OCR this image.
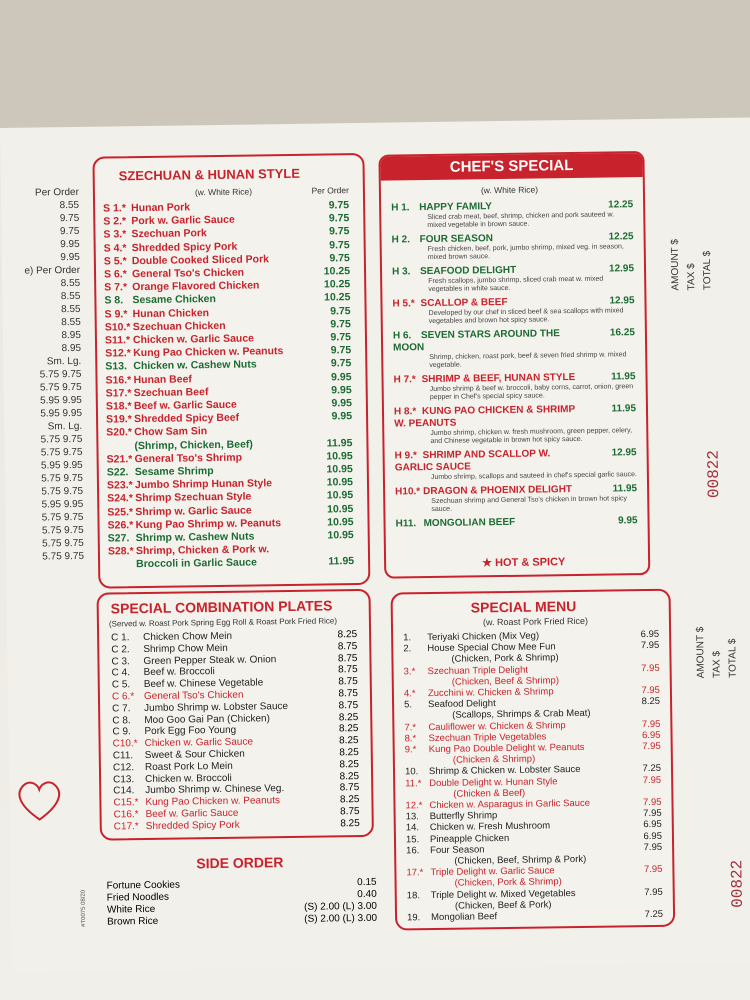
Per Order
8.55
9.75
9.75
9.95
9.95
e) Per Order
8.55
8.55
8.55
8.55
8.95
8.95
Sm. Lg.
5.75 9.75
5.75 9.75
5.95 9.95
5.95 9.95
Sm. Lg.
5.75 9.75
5.75 9.75
5.95 9.95
5.75 9.75
5.75 9.75
5.95 9.95
5.75 9.75
5.75 9.75
5.75 9.75
5.75 9.75
SZECHUAN & HUNAN STYLE
(w. White Rice)	Per Order
S 1.* Hunan Pork	9.75
S 2.* Pork w. Garlic Sauce	9.75
S 3.* Szechuan Pork	9.75
S 4.* Shredded Spicy Pork	9.75
S 5.* Double Cooked Sliced Pork	9.75
S 6.* General Tso's Chicken	10.25
S 7.* Orange Flavored Chicken	10.25
S 8. Sesame Chicken	10.25
S 9.* Hunan Chicken	9.75
S10.* Szechuan Chicken	9.75
S11.* Chicken w. Garlic Sauce	9.75
S12.* Kung Pao Chicken w. Peanuts	9.75
S13. Chicken w. Cashew Nuts	9.75
S16.* Hunan Beef	9.95
S17.* Szechuan Beef	9.95
S18.* Beef w. Garlic Sauce	9.95
S19.* Shredded Spicy Beef	9.95
S20.* Chow Sam Sin
(Shrimp, Chicken, Beef)	11.95
S21.* General Tso's Shrimp	10.95
S22. Sesame Shrimp	10.95
S23.* Jumbo Shrimp Hunan Style	10.95
S24.* Shrimp Szechuan Style	10.95
S25.* Shrimp w. Garlic Sauce	10.95
S26.* Kung Pao Shrimp w. Peanuts	10.95
S27. Shrimp w. Cashew Nuts	10.95
S28.* Shrimp, Chicken & Pork w.
Broccoli in Garlic Sauce	11.95
SPECIAL COMBINATION PLATES
(Served w. Roast Pork Spring Egg Roll & Roast Pork Fried Rice)
C 1. Chicken Chow Mein	8.25
C 2. Shrimp Chow Mein	8.75
C 3. Green Pepper Steak w. Onion	8.75
C 4. Beef w. Broccoli	8.75
C 5. Beef w. Chinese Vegetable	8.75
C 6.* General Tso's Chicken	8.75
C 7. Jumbo Shrimp w. Lobster Sauce	8.75
C 8. Moo Goo Gai Pan (Chicken)	8.25
C 9. Pork Egg Foo Young	8.25
C10.* Chicken w. Garlic Sauce	8.25
C11. Sweet & Sour Chicken	8.25
C12. Roast Pork Lo Mein	8.25
C13. Chicken w. Broccoli	8.25
C14. Jumbo Shrimp w. Chinese Veg.	8.75
C15.* Kung Pao Chicken w. Peanuts	8.25
C16.* Beef w. Garlic Sauce	8.75
C17.* Shredded Spicy Pork	8.25
SIDE ORDER
Fortune Cookies	0.15
Fried Noodles	0.40
White Rice	(S) 2.00 (L) 3.00
Brown Rice	(S) 2.00 (L) 3.00
#T0075 08/20
CHEF'S SPECIAL
(w. White Rice)
H 1. HAPPY FAMILY	12.25
Sliced crab meat, beef, shrimp, chicken and pork sauteed w. mixed vegetable in brown sauce.
H 2. FOUR SEASON	12.25
Fresh chicken, beef, pork, jumbo shrimp, mixed veg. in season, mixed brown sauce.
H 3. SEAFOOD DELIGHT	12.95
Fresh scallops, jumbo shrimp, sliced crab meat w. mixed vegetables in white sauce.
H 5.* SCALLOP & BEEF	12.95
Developed by our chef in sliced beef & sea scallops with mixed vegetables and brown hot spicy sauce.
H 6. SEVEN STARS AROUND THE MOON
16.25
Shrimp, chicken, roast pork, beef & seven fried shrimp w. mixed vegetable.
H 7.* SHRIMP & BEEF, HUNAN STYLE	11.95
Jumbo shrimp & beef w. broccoli, baby corns, carrot, onion, green pepper in Chef's special spicy sauce.
H 8.* KUNG PAO CHICKEN & SHRIMP W. PEANUTS
11.95
Jumbo shrimp, chicken w. fresh mushroom, green pepper, celery, and Chinese vegetable in brown hot spicy sauce.
H 9.* SHRIMP AND SCALLOP W. GARLIC SAUCE
12.95
Jumbo shrimp, scallops and sauteed in chef's special garlic sauce.
H10.* DRAGON & PHOENIX DELIGHT	11.95
Szechuan shrimp and General Tso's chicken in brown hot spicy sauce.
H11. MONGOLIAN BEEF	9.95
★ HOT & SPICY
SPECIAL MENU
(w. Roast Pork Fried Rice)
1. Teriyaki Chicken (Mix Veg)	6.95
2. House Special Chow Mee Fun	7.95
(Chicken, Pork & Shrimp)
3.* Szechuan Triple Delight	7.95
(Chicken, Beef & Shrimp)
4.* Zucchini w. Chicken & Shrimp	7.95
5. Seafood Delight	8.25
(Scallops, Shrimps & Crab Meat)
7.* Cauliflower w. Chicken & Shrimp	7.95
8.* Szechuan Triple Vegetables	6.95
9.* Kung Pao Double Delight w. Peanuts	7.95
(Chicken & Shrimp)
10. Shrimp & Chicken w. Lobster Sauce	7.25
11.* Double Delight w. Hunan Style	7.95
(Chicken & Beef)
12.* Chicken w. Asparagus in Garlic Sauce	7.95
13. Butterfly Shrimp	7.95
14. Chicken w. Fresh Mushroom	6.95
15. Pineapple Chicken	6.95
16. Four Season	7.95
(Chicken, Beef, Shrimp & Pork)
17.* Triple Delight w. Garlic Sauce	7.95
(Chicken, Pork & Shrimp)
18. Triple Delight w. Mixed Vegetables	7.95
(Chicken, Beef & Pork)
19. Mongolian Beef	7.25
AMOUNT $ TAX $ TOTAL $
00822
AMOUNT $ TAX $ TOTAL $
00822
